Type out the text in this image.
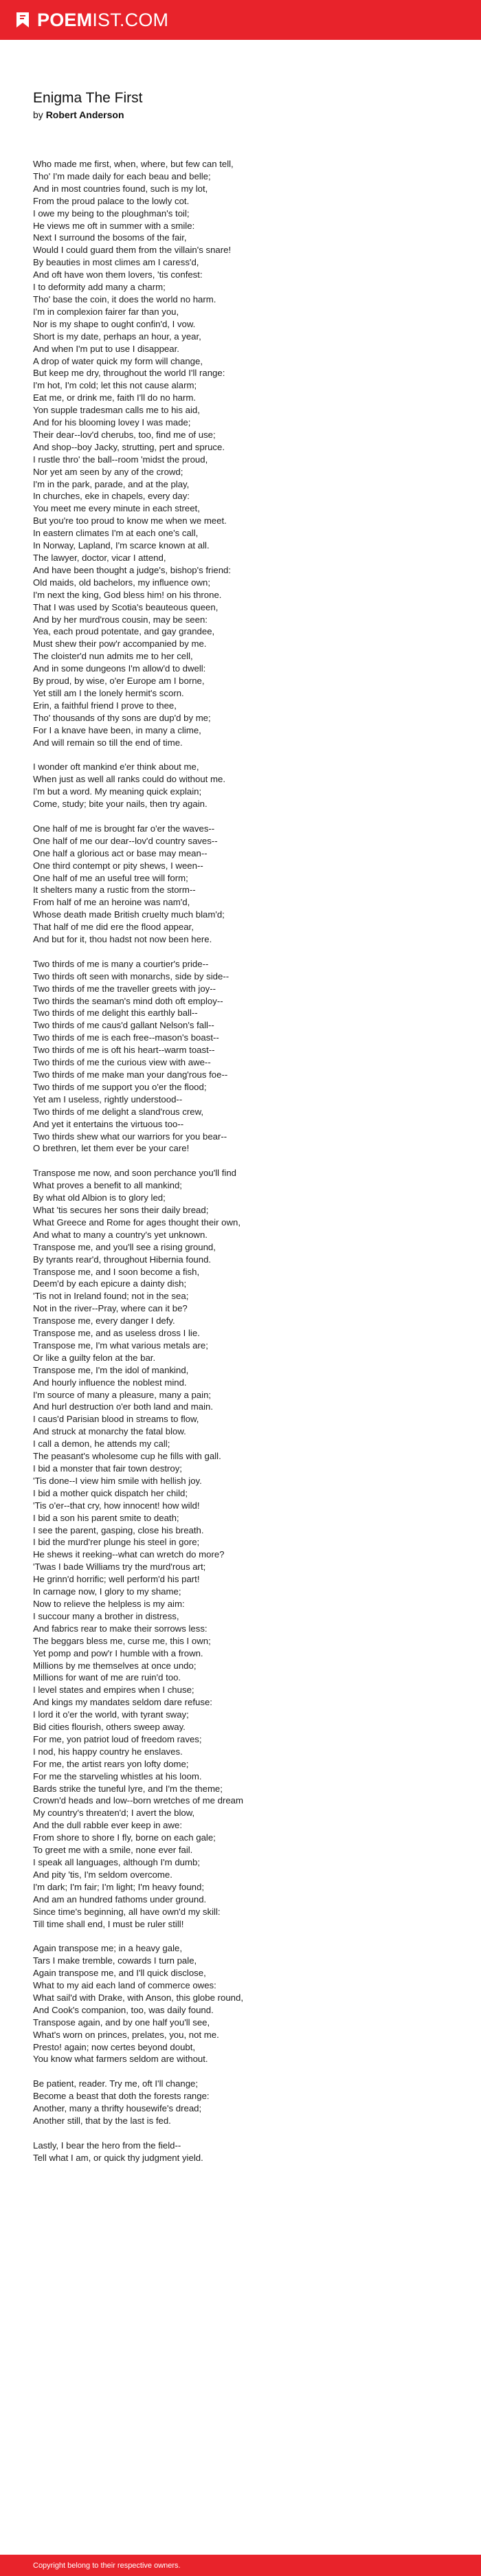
POEMIST.COM
Enigma The First
by Robert Anderson
Who made me first, when, where, but few can tell,
Tho' I'm made daily for each beau and belle;
And in most countries found, such is my lot,
From the proud palace to the lowly cot.
I owe my being to the ploughman's toil;
He views me oft in summer with a smile:
Next I surround the bosoms of the fair,
Would I could guard them from the villain's snare!
By beauties in most climes am I caress'd,
And oft have won them lovers, 'tis confest:
I to deformity add many a charm;
Tho' base the coin, it does the world no harm.
I'm in complexion fairer far than you,
Nor is my shape to ought confin'd, I vow.
Short is my date, perhaps an hour, a year,
And when I'm put to use I disappear.
A drop of water quick my form will change,
But keep me dry, throughout the world I'll range:
I'm hot, I'm cold; let this not cause alarm;
Eat me, or drink me, faith I'll do no harm.
Yon supple tradesman calls me to his aid,
And for his blooming lovey I was made;
Their dear--lov'd cherubs, too, find me of use;
And shop--boy Jacky, strutting, pert and spruce.
I rustle thro' the ball--room 'midst the proud,
Nor yet am seen by any of the crowd;
I'm in the park, parade, and at the play,
In churches, eke in chapels, every day:
You meet me every minute in each street,
But you're too proud to know me when we meet.
In eastern climates I'm at each one's call,
In Norway, Lapland, I'm scarce known at all.
The lawyer, doctor, vicar I attend,
And have been thought a judge's, bishop's friend:
Old maids, old bachelors, my influence own;
I'm next the king, God bless him! on his throne.
That I was used by Scotia's beauteous queen,
And by her murd'rous cousin, may be seen:
Yea, each proud potentate, and gay grandee,
Must shew their pow'r accompanied by me.
The cloister'd nun admits me to her cell,
And in some dungeons I'm allow'd to dwell:
By proud, by wise, o'er Europe am I borne,
Yet still am I the lonely hermit's scorn.
Erin, a faithful friend I prove to thee,
Tho' thousands of thy sons are dup'd by me;
For I a knave have been, in many a clime,
And will remain so till the end of time.
I wonder oft mankind e'er think about me,
When just as well all ranks could do without me.
I'm but a word. My meaning quick explain;
Come, study; bite your nails, then try again.
One half of me is brought far o'er the waves--
One half of me our dear--lov'd country saves--
One half a glorious act or base may mean--
One third contempt or pity shews, I ween--
One half of me an useful tree will form;
It shelters many a rustic from the storm--
From half of me an heroine was nam'd,
Whose death made British cruelty much blam'd;
That half of me did ere the flood appear,
And but for it, thou hadst not now been here.
Two thirds of me is many a courtier's pride--
Two thirds oft seen with monarchs, side by side--
Two thirds of me the traveller greets with joy--
Two thirds the seaman's mind doth oft employ--
Two thirds of me delight this earthly ball--
Two thirds of me caus'd gallant Nelson's fall--
Two thirds of me is each free--mason's boast--
Two thirds of me is oft his heart--warm toast--
Two thirds of me the curious view with awe--
Two thirds of me make man your dang'rous foe--
Two thirds of me support you o'er the flood;
Yet am I useless, rightly understood--
Two thirds of me delight a sland'rous crew,
And yet it entertains the virtuous too--
Two thirds shew what our warriors for you bear--
O brethren, let them ever be your care!
Transpose me now, and soon perchance you'll find
What proves a benefit to all mankind;
By what old Albion is to glory led;
What 'tis secures her sons their daily bread;
What Greece and Rome for ages thought their own,
And what to many a country's yet unknown.
Transpose me, and you'll see a rising ground,
By tyrants rear'd, throughout Hibernia found.
Transpose me, and I soon become a fish,
Deem'd by each epicure a dainty dish;
'Tis not in Ireland found; not in the sea;
Not in the river--Pray, where can it be?
Transpose me, every danger I defy.
Transpose me, and as useless dross I lie.
Transpose me, I'm what various metals are;
Or like a guilty felon at the bar.
Transpose me, I'm the idol of mankind,
And hourly influence the noblest mind.
I'm source of many a pleasure, many a pain;
And hurl destruction o'er both land and main.
I caus'd Parisian blood in streams to flow,
And struck at monarchy the fatal blow.
I call a demon, he attends my call;
The peasant's wholesome cup he fills with gall.
I bid a monster that fair town destroy;
'Tis done--I view him smile with hellish joy.
I bid a mother quick dispatch her child;
'Tis o'er--that cry, how innocent! how wild!
I bid a son his parent smite to death;
I see the parent, gasping, close his breath.
I bid the murd'rer plunge his steel in gore;
He shews it reeking--what can wretch do more?
'Twas I bade Williams try the murd'rous art;
He grinn'd horrific; well perform'd his part!
In carnage now, I glory to my shame;
Now to relieve the helpless is my aim:
I succour many a brother in distress,
And fabrics rear to make their sorrows less:
The beggars bless me, curse me, this I own;
Yet pomp and pow'r I humble with a frown.
Millions by me themselves at once undo;
Millions for want of me are ruin'd too.
I level states and empires when I chuse;
And kings my mandates seldom dare refuse:
I lord it o'er the world, with tyrant sway;
Bid cities flourish, others sweep away.
For me, yon patriot loud of freedom raves;
I nod, his happy country he enslaves.
For me, the artist rears yon lofty dome;
For me the starveling whistles at his loom.
Bards strike the tuneful lyre, and I'm the theme;
Crown'd heads and low--born wretches of me dream
My country's threaten'd; I avert the blow,
And the dull rabble ever keep in awe:
From shore to shore I fly, borne on each gale;
To greet me with a smile, none ever fail.
I speak all languages, although I'm dumb;
And pity 'tis, I'm seldom overcome.
I'm dark; I'm fair; I'm light; I'm heavy found;
And am an hundred fathoms under ground.
Since time's beginning, all have own'd my skill:
Till time shall end, I must be ruler still!
Again transpose me; in a heavy gale,
Tars I make tremble, cowards I turn pale,
Again transpose me, and I'll quick disclose,
What to my aid each land of commerce owes:
What sail'd with Drake, with Anson, this globe round,
And Cook's companion, too, was daily found.
Transpose again, and by one half you'll see,
What's worn on princes, prelates, you, not me.
Presto! again; now certes beyond doubt,
You know what farmers seldom are without.
Be patient, reader. Try me, oft I'll change;
Become a beast that doth the forests range:
Another, many a thrifty housewife's dread;
Another still, that by the last is fed.
Lastly, I bear the hero from the field--
Tell what I am, or quick thy judgment yield.
Copyright belong to their respective owners.
